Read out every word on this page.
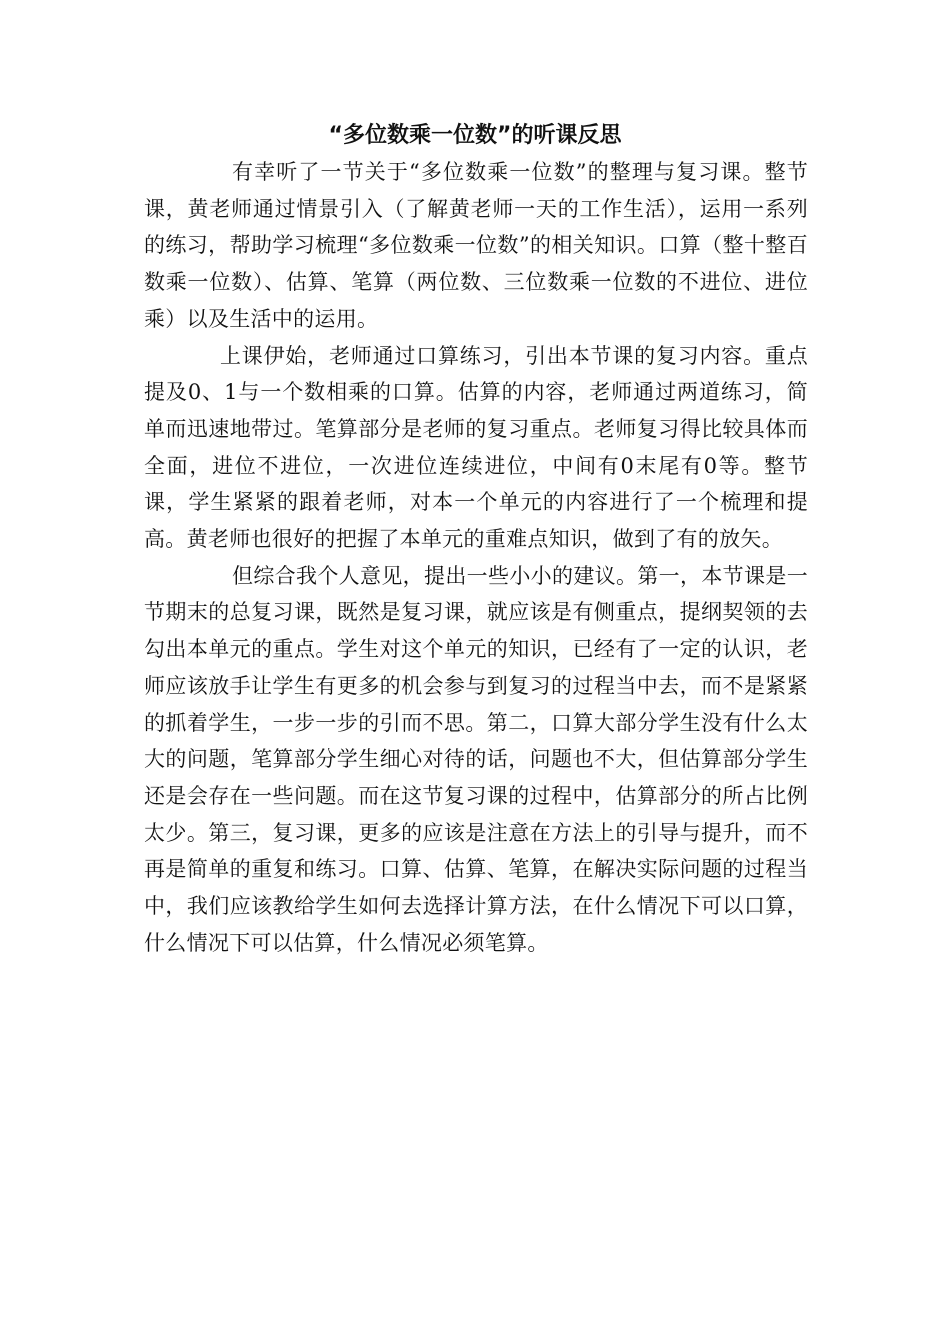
“多位数乘一位数”的听课反思

有幸听了一节关于“多位数乘一位数”的整理与复习课。整节课，黄老师通过情景引入（了解黄老师一天的工作生活），运用一系列的练习，帮助学习梳理“多位数乘一位数”的相关知识。口算（整十整百数乘一位数）、估算、笔算（两位数、三位数乘一位数的不进位、进位乘）以及生活中的运用。

上课伊始，老师通过口算练习，引出本节课的复习内容。重点提及0、1与一个数相乘的口算。估算的内容，老师通过两道练习，简单而迅速地带过。笔算部分是老师的复习重点。老师复习得比较具体而全面，进位不进位，一次进位连续进位，中间有0末尾有0等。整节课，学生紧紧的跟着老师，对本一个单元的内容进行了一个梳理和提高。黄老师也很好的把握了本单元的重难点知识，做到了有的放矢。

但综合我个人意见，提出一些小小的建议。第一，本节课是一节期末的总复习课，既然是复习课，就应该是有侧重点，提纲契领的去勾出本单元的重点。学生对这个单元的知识，已经有了一定的认识，老师应该放手让学生有更多的机会参与到复习的过程当中去，而不是紧紧的抓着学生，一步一步的引而不思。第二，口算大部分学生没有什么太大的问题，笔算部分学生细心对待的话，问题也不大，但估算部分学生还是会存在一些问题。而在这节复习课的过程中，估算部分的所占比例太少。第三，复习课，更多的应该是注意在方法上的引导与提升，而不再是简单的重复和练习。口算、估算、笔算，在解决实际问题的过程当中，我们应该教给学生如何去选择计算方法，在什么情况下可以口算，什么情况下可以估算，什么情况必须笔算。
